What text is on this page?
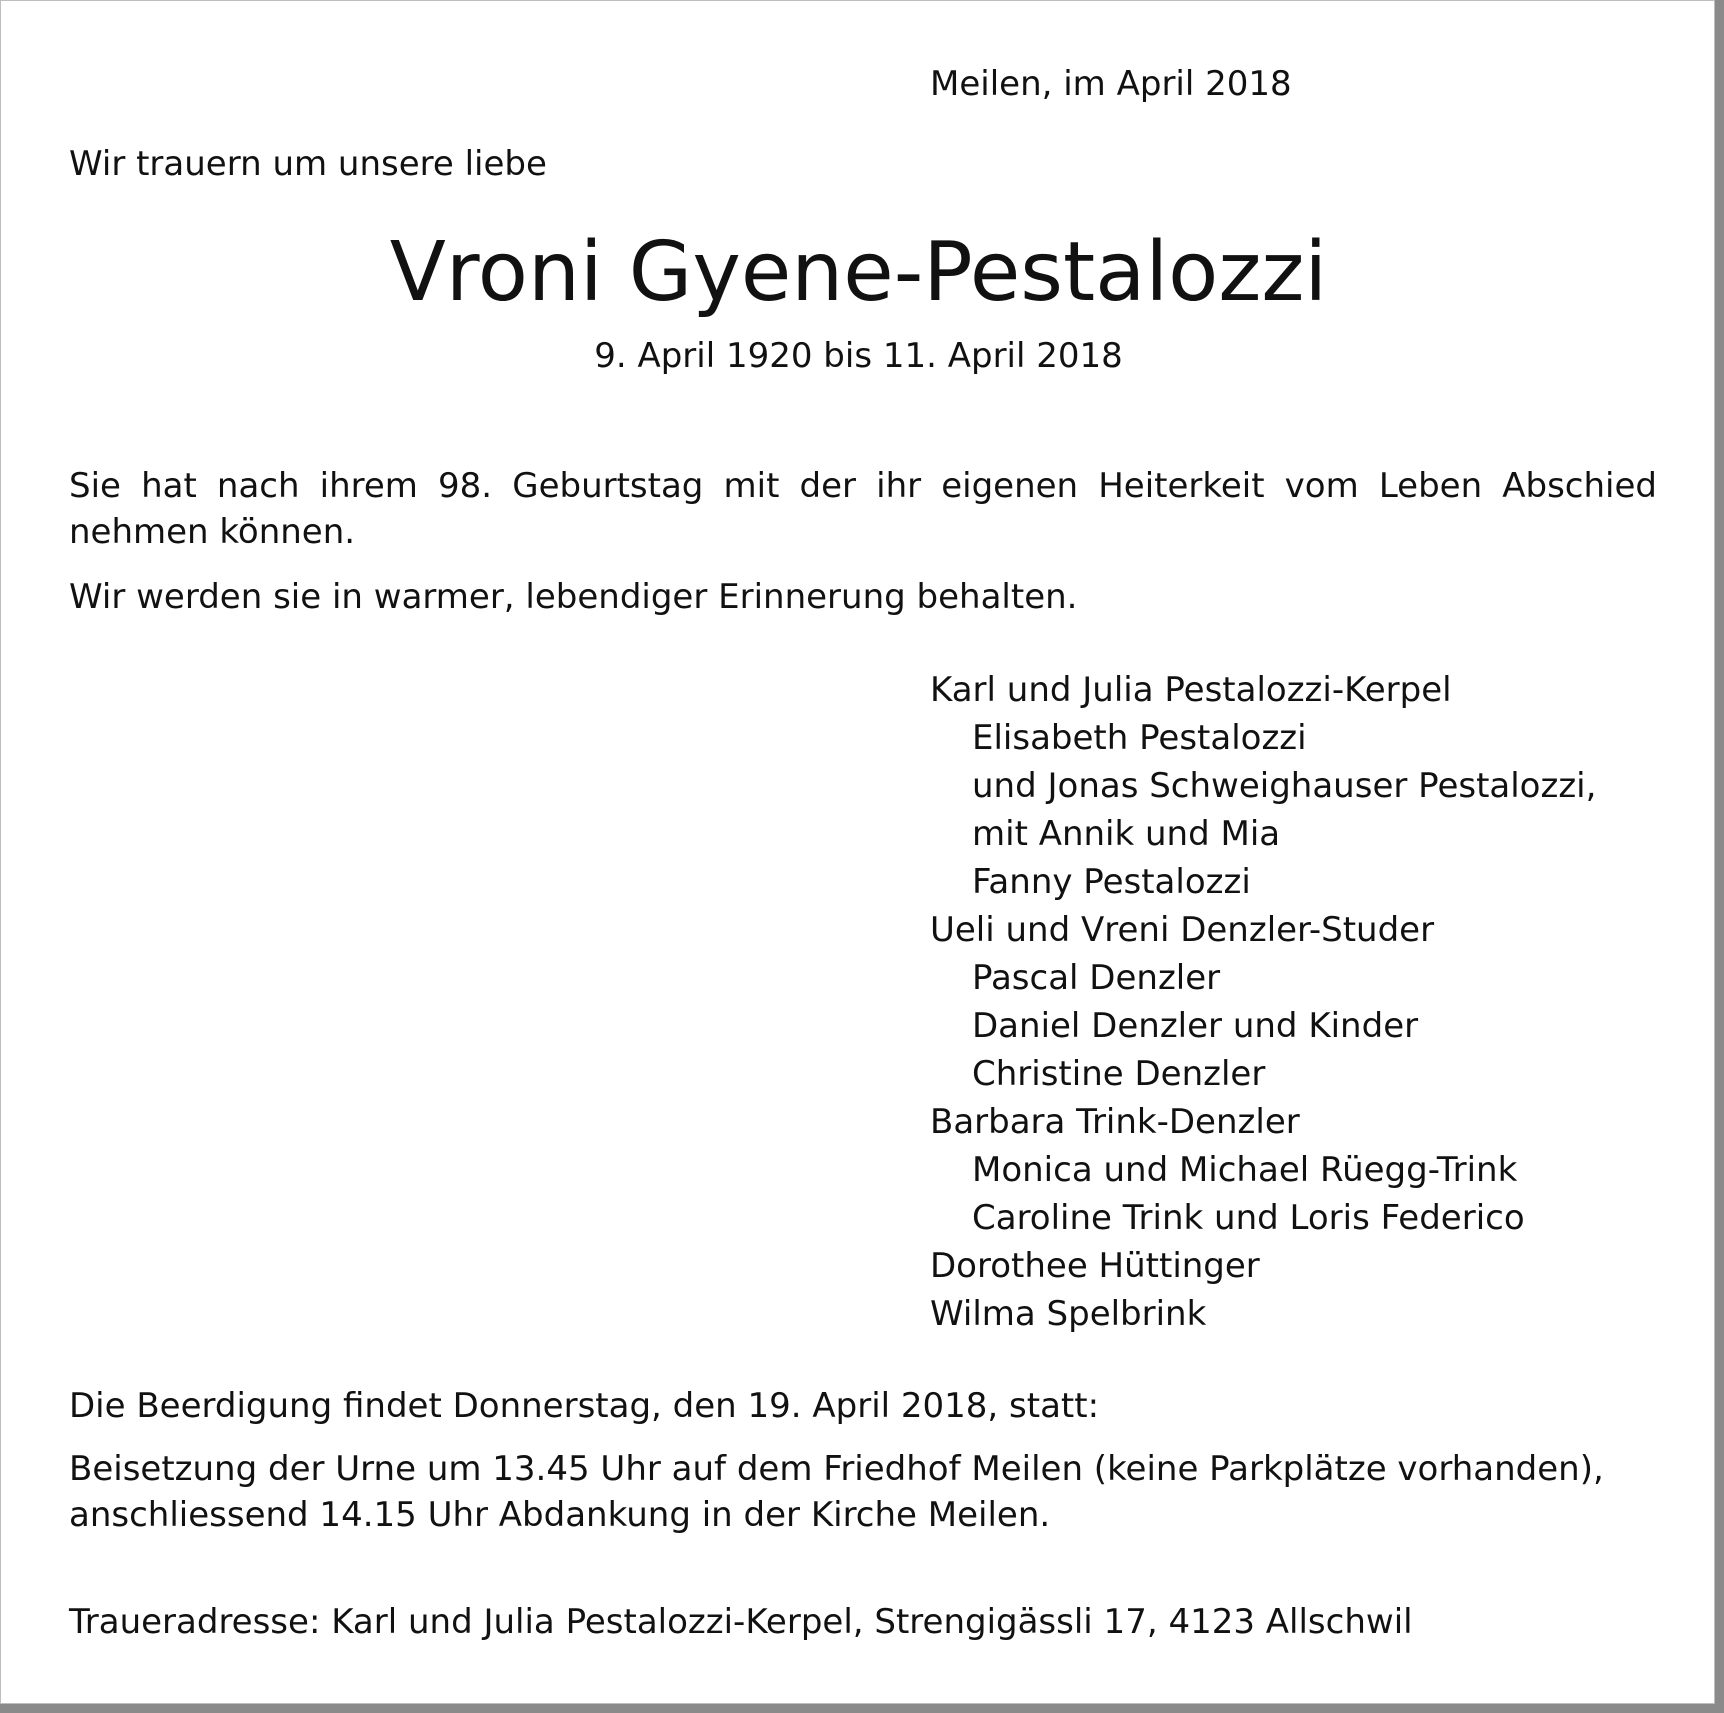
Meilen, im April 2018
Wir trauern um unsere liebe
Vroni Gyene-Pestalozzi
9. April 1920 bis 11. April 2018

Sie hat nach ihrem 98. Geburtstag mit der ihr eigenen Heiterkeit vom Leben Abschied nehmen können.

Wir werden sie in warmer, lebendiger Erinnerung behalten.
Karl und Julia Pestalozzi-Kerpel
Elisabeth Pestalozzi
und Jonas Schweighauser Pestalozzi,
mit Annik und Mia
Fanny Pestalozzi
Ueli und Vreni Denzler-Studer
Pascal Denzler
Daniel Denzler und Kinder
Christine Denzler
Barbara Trink-Denzler
Monica und Michael Rüegg-Trink
Caroline Trink und Loris Federico
Dorothee Hüttinger
Wilma Spelbrink
Die Beerdigung findet Donnerstag, den 19. April 2018, statt:

Beisetzung der Urne um 13.45 Uhr auf dem Friedhof Meilen (keine Parkplätze vorhanden), anschliessend 14.15 Uhr Abdankung in der Kirche Meilen.

Traueradresse: Karl und Julia Pestalozzi-Kerpel, Strengigässli 17, 4123 Allschwil
